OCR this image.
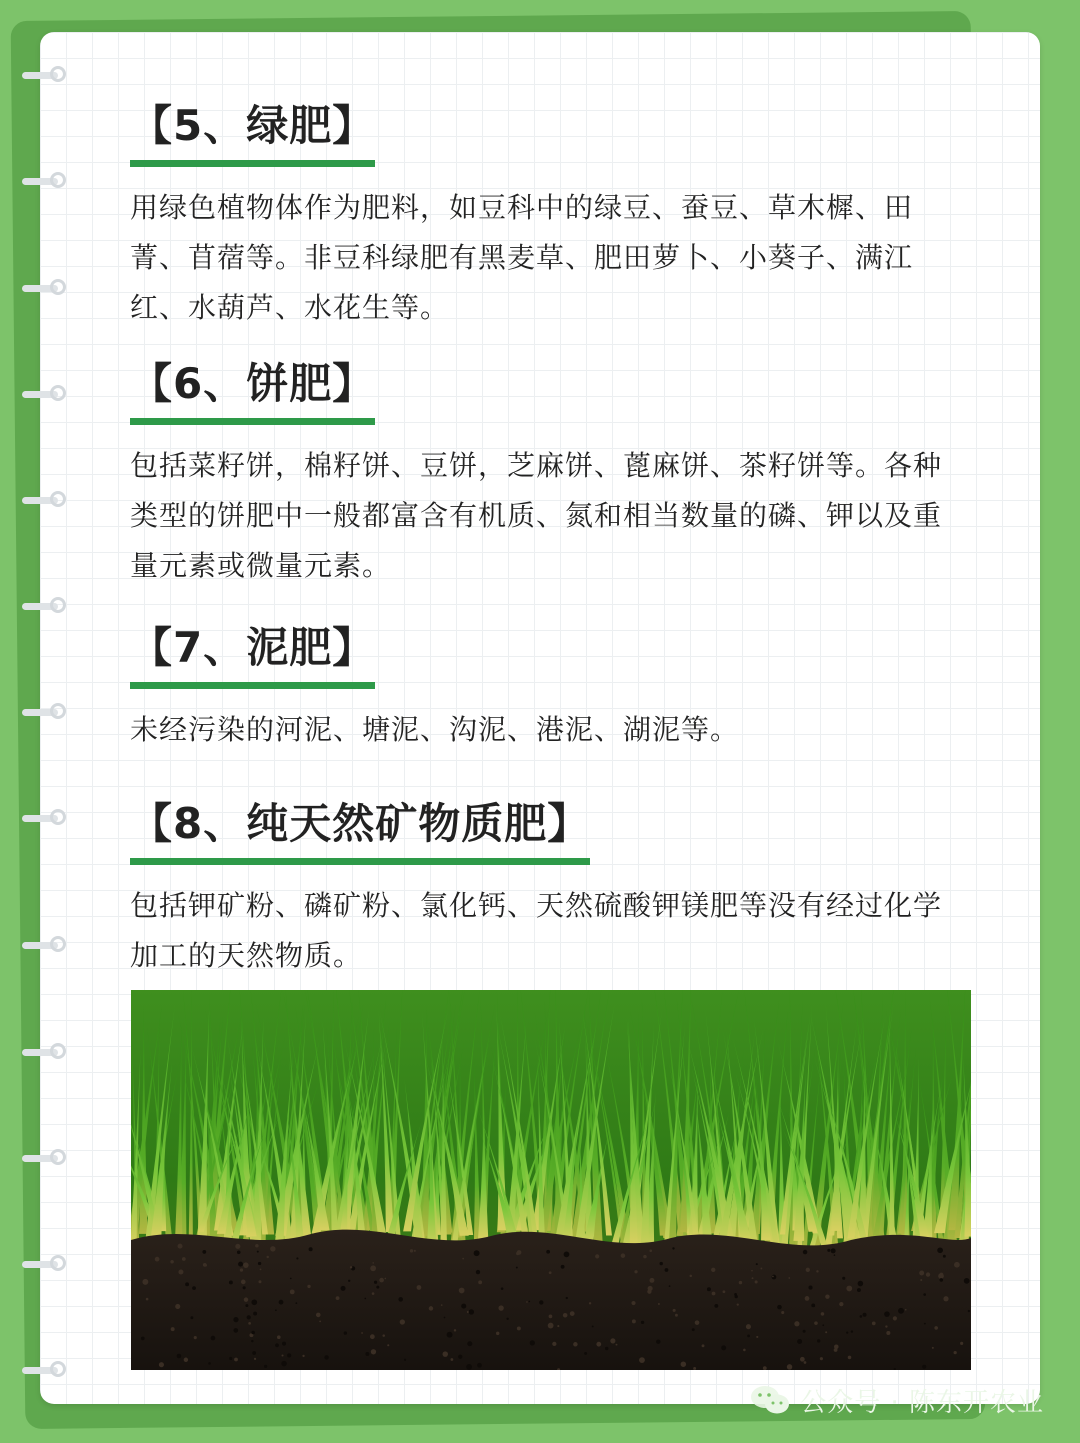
【5、绿肥】

用绿色植物体作为肥料，如豆科中的绿豆、蚕豆、草木樨、田菁、苜蓿等。非豆科绿肥有黑麦草、肥田萝卜、小葵子、满江红、水葫芦、水花生等。

【6、饼肥】

包括菜籽饼，棉籽饼、豆饼，芝麻饼、蓖麻饼、茶籽饼等。各种类型的饼肥中一般都富含有机质、氮和相当数量的磷、钾以及重量元素或微量元素。

【7、泥肥】

未经污染的河泥、塘泥、沟泥、港泥、湖泥等。

【8、纯天然矿物质肥】

包括钾矿粉、磷矿粉、氯化钙、天然硫酸钾镁肥等没有经过化学加工的天然物质。

公众号 · 陈东开农业
